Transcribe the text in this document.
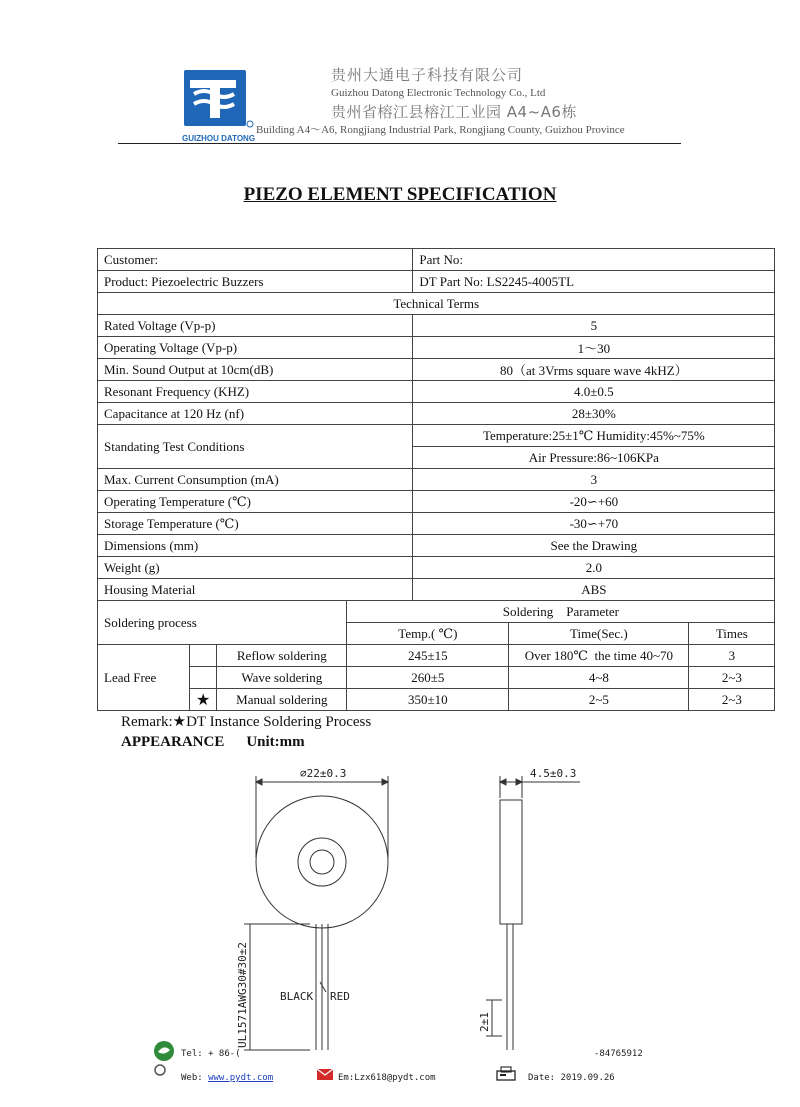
GUIZHOU DATONG
贵州大通电子科技有限公司
Guizhou Datong Electronic Technology Co., Ltd
贵州省榕江县榕江工业园 A4~A6栋
Building A4～A6, Rongjiang Industrial Park, Rongjiang County, Guizhou Province
PIEZO ELEMENT SPECIFICATION
Customer:				Part No:		
Product: Piezoelectric Buzzers				DT Part No: LS2245-4005TL		
Technical Terms						
Rated Voltage (Vp-p)				5		
Operating Voltage (Vp-p)				1～30		
Min. Sound Output at 10cm(dB)				80（at 3Vrms square wave 4kHZ）		
Resonant Frequency (KHZ)				4.0±0.5		
Capacitance at 120 Hz (nf)				28±30%		
Standating Test Conditions				Temperature:25±1℃ Humidity:45%~75%		
				Air Pressure:86~106KPa		
Max. Current Consumption (mA)				3		
Operating Temperature (℃)				-20∽+60		
Storage Temperature (℃)				-30∽+70		
Dimensions (mm)				See the Drawing		
Weight (g)				2.0		
Housing Material				ABS		
Soldering process			Soldering    Parameter			
			Temp.( ℃)		Time(Sec.)	Times
Lead Free		Reflow soldering	245±15		Over 180℃  the time 40~70	3
		Wave soldering	260±5		4~8	2~3
	★	Manual soldering	350±10		2~5	2~3
Remark:★DT Instance Soldering Process
APPEARANCE Unit:mm
⌀22±0.3	4.5±0.3
BLACK RED
UL1571AWG30#30±2	2±1
Tel: + 86-(	-84765912
Web: www.pydt.com	Em:Lzx618@pydt.com	Date: 2019.09.26
